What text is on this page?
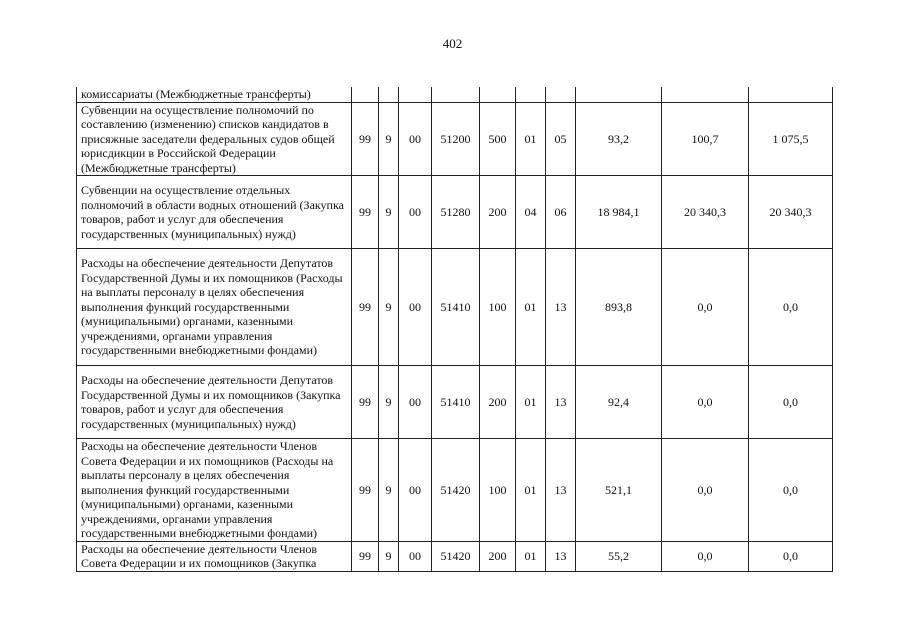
402
комиссариаты (Межбюджетные трансферты)										
Субвенции на осуществление полномочий по составлению (изменению) списков кандидатов в присяжные заседатели федеральных судов общей юрисдикции в Российской Федерации (Межбюджетные трансферты)	99	9	00	51200	500	01	05	93,2	100,7	1 075,5
Субвенции на осуществление отдельных полномочий в области водных отношений (Закупка товаров, работ и услуг для обеспечения государственных (муниципальных) нужд)	99	9	00	51280	200	04	06	18 984,1	20 340,3	20 340,3
Расходы на обеспечение деятельности Депутатов Государственной Думы и их помощников (Расходы на выплаты персоналу в целях обеспечения выполнения функций государственными (муниципальными) органами, казенными учреждениями, органами управления государственными внебюджетными фондами)	99	9	00	51410	100	01	13	893,8	0,0	0,0
Расходы на обеспечение деятельности Депутатов Государственной Думы и их помощников (Закупка товаров, работ и услуг для обеспечения государственных (муниципальных) нужд)	99	9	00	51410	200	01	13	92,4	0,0	0,0
Расходы на обеспечение деятельности Членов Совета Федерации и их помощников (Расходы на выплаты персоналу в целях обеспечения выполнения функций государственными (муниципальными) органами, казенными учреждениями, органами управления государственными внебюджетными фондами)	99	9	00	51420	100	01	13	521,1	0,0	0,0
Расходы на обеспечение деятельности Членов Совета Федерации и их помощников (Закупка	99	9	00	51420	200	01	13	55,2	0,0	0,0
